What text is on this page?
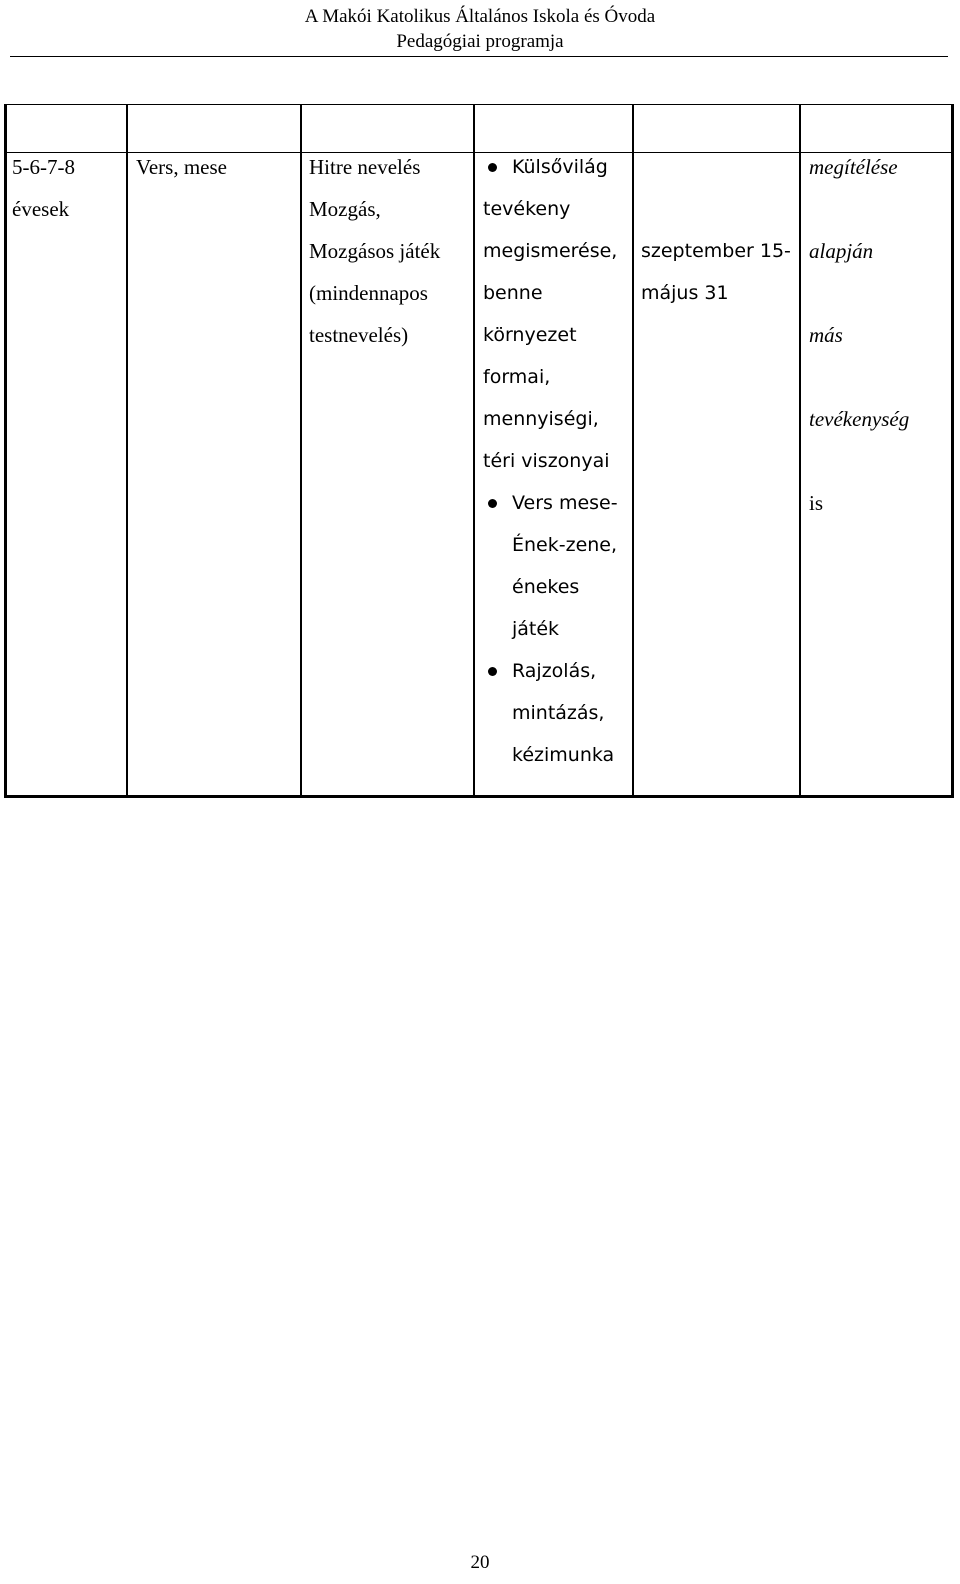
A Makói Katolikus Általános Iskola és Óvoda
Pedagógiai programja
5-6-7-8
évesek
Vers, mese	Hitre nevelés
Mozgás,
Mozgásos játék
(mindennapos
testnevelés)
Külsővilág
tevékeny
megismerése,
benne
környezet
formai,
mennyiségi,
téri viszonyai
Vers mese-
Ének-zene,
énekes
játék
Rajzolás,
mintázás,
kézimunka
szeptember 15-
május 31
megítélése
alapján
más
tevékenység
is
20
